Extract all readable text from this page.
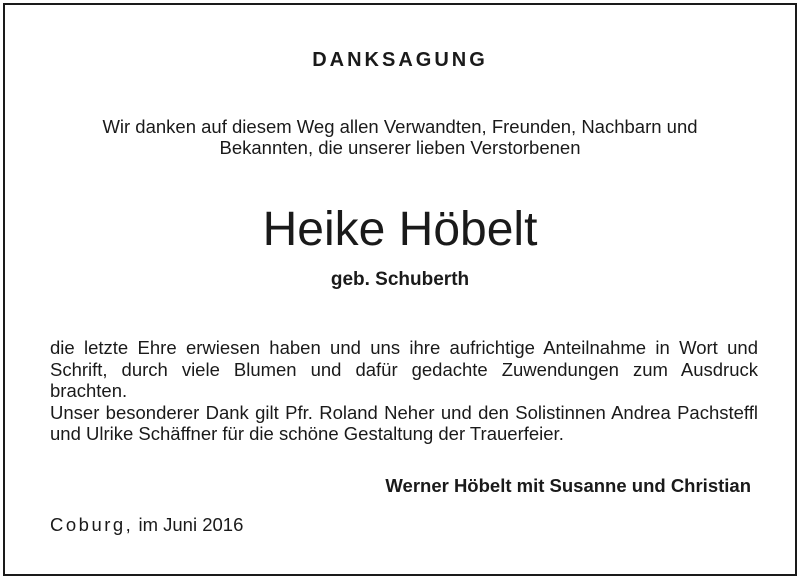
DANKSAGUNG
Wir danken auf diesem Weg allen Verwandten, Freunden, Nachbarn und
Bekannten, die unserer lieben Verstorbenen
Heike Höbelt
geb. Schuberth

die letzte Ehre erwiesen haben und uns ihre aufrichtige Anteilnahme in Wort und Schrift, durch viele Blumen und dafür gedachte Zuwendungen zum Ausdruck brachten.

Unser besonderer Dank gilt Pfr. Roland Neher und den Solistinnen Andrea Pachsteffl und Ulrike Schäffner für die schöne Gestaltung der Trauerfeier.

Werner Höbelt mit Susanne und Christian
Coburg, im Juni 2016
